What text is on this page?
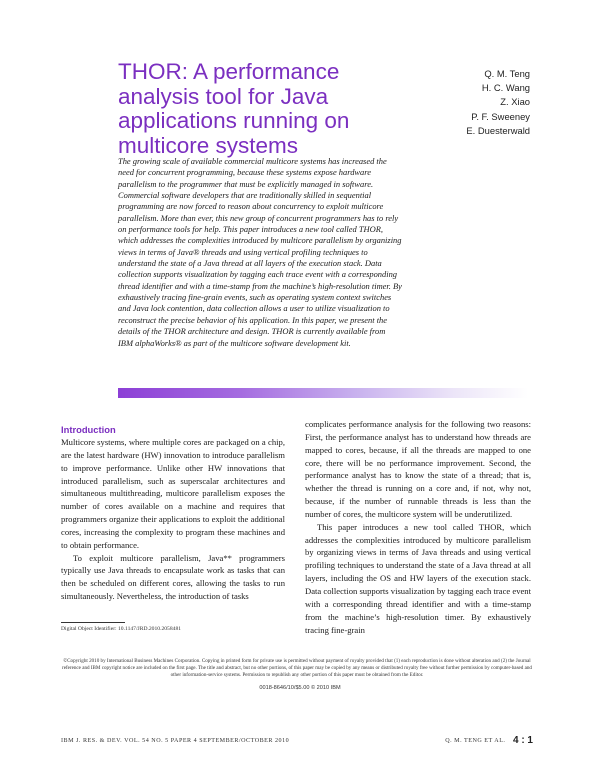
THOR: A performance analysis tool for Java applications running on multicore systems
Q. M. Teng
H. C. Wang
Z. Xiao
P. F. Sweeney
E. Duesterwald

The growing scale of available commercial multicore systems has increased the need for concurrent programming, because these systems expose hardware parallelism to the programmer that must be explicitly managed in software. Commercial software developers that are traditionally skilled in sequential programming are now forced to reason about concurrency to exploit multicore parallelism. More than ever, this new group of concurrent programmers has to rely on performance tools for help. This paper introduces a new tool called THOR, which addresses the complexities introduced by multicore parallelism by organizing views in terms of Java® threads and using vertical profiling techniques to understand the state of a Java thread at all layers of the execution stack. Data collection supports visualization by tagging each trace event with a corresponding thread identifier and with a time-stamp from the machine’s high-resolution timer. By exhaustively tracing fine-grain events, such as operating system context switches and Java lock contention, data collection allows a user to utilize visualization to reconstruct the precise behavior of his application. In this paper, we present the details of the THOR architecture and design. THOR is currently available from IBM alphaWorks® as part of the multicore software development kit.

Introduction

Multicore systems, where multiple cores are packaged on a chip, are the latest hardware (HW) innovation to introduce parallelism to improve performance. Unlike other HW innovations that introduced parallelism, such as superscalar architectures and simultaneous multithreading, multicore parallelism exposes the number of cores available on a machine and requires that programmers organize their applications to exploit the additional cores, increasing the complexity to program these machines and to obtain performance.

To exploit multicore parallelism, Java** programmers typically use Java threads to encapsulate work as tasks that can then be scheduled on different cores, allowing the tasks to run simultaneously. Nevertheless, the introduction of tasks

complicates performance analysis for the following two reasons: First, the performance analyst has to understand how threads are mapped to cores, because, if all the threads are mapped to one core, there will be no performance improvement. Second, the performance analyst has to know the state of a thread; that is, whether the thread is running on a core and, if not, why not, because, if the number of runnable threads is less than the number of cores, the multicore system will be underutilized.

This paper introduces a new tool called THOR, which addresses the complexities introduced by multicore parallelism by organizing views in terms of Java threads and using vertical profiling techniques to understand the state of a Java thread at all layers, including the OS and HW layers of the execution stack. Data collection supports visualization by tagging each trace event with a corresponding thread identifier and with a time-stamp from the machine’s high-resolution timer. By exhaustively tracing fine-grain

Digital Object Identifier: 10.1147/JRD.2010.2058481
©Copyright 2010 by International Business Machines Corporation. Copying in printed form for private use is permitted without payment of royalty provided that (1) each reproduction is done without alteration and (2) the Journal reference and IBM copyright notice are included on the first page. The title and abstract, but no other portions, of this paper may be copied by any means or distributed royalty free without further permission by computer-based and other information-service systems. Permission to republish any other portion of this paper must be obtained from the Editor.
0018-8646/10/$5.00 © 2010 IBM
IBM J. RES. & DEV. VOL. 54 NO. 5 PAPER 4 SEPTEMBER/OCTOBER 2010	Q. M. TENG ET AL. 4 : 1
